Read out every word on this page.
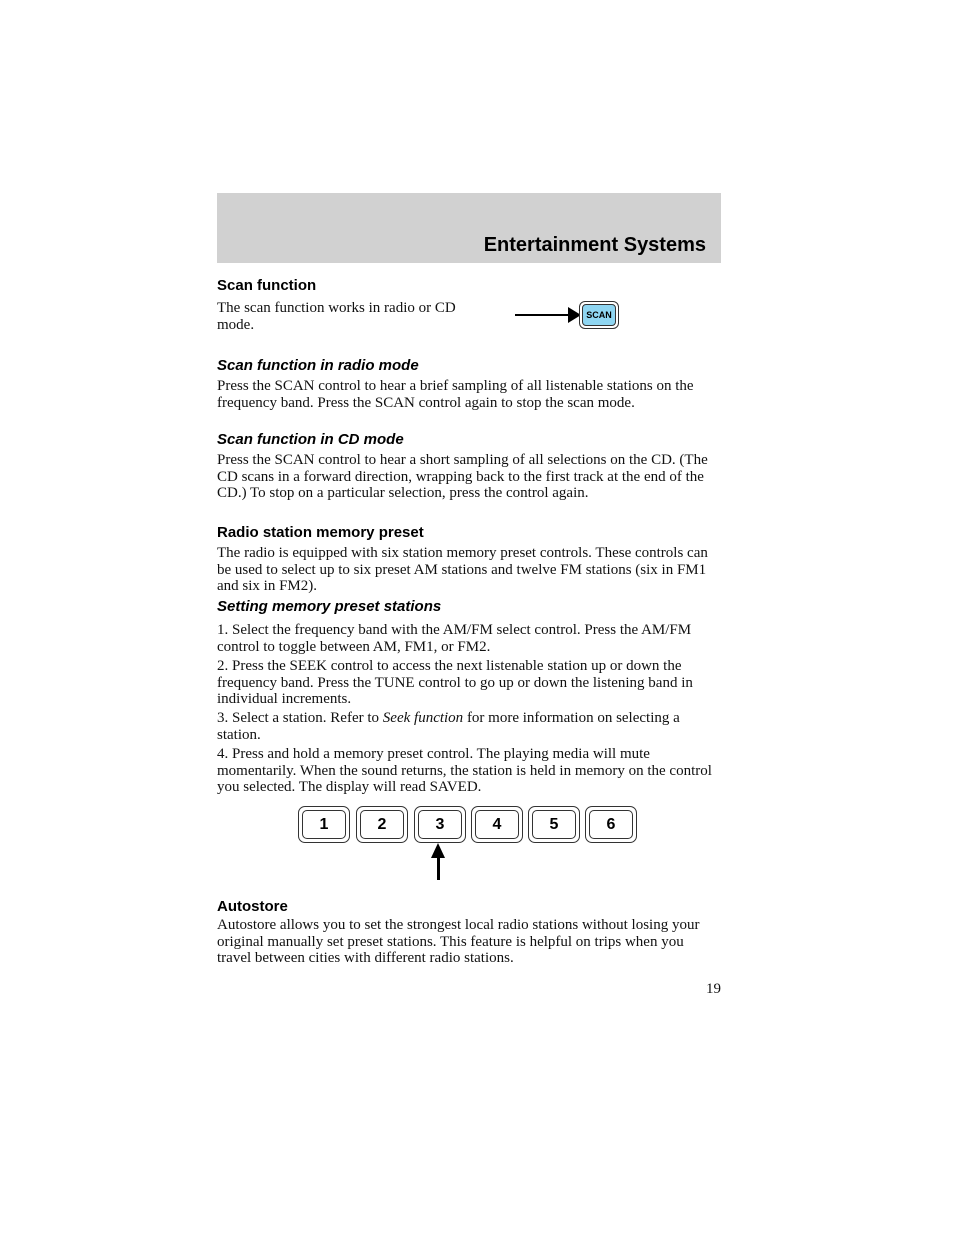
Entertainment Systems
Scan function
The scan function works in radio or CD mode.
SCAN
Scan function in radio mode
Press the SCAN control to hear a brief sampling of all listenable stations on the frequency band. Press the SCAN control again to stop the scan mode.
Scan function in CD mode
Press the SCAN control to hear a short sampling of all selections on the CD. (The CD scans in a forward direction, wrapping back to the first track at the end of the CD.) To stop on a particular selection, press the control again.
Radio station memory preset
The radio is equipped with six station memory preset controls. These controls can be used to select up to six preset AM stations and twelve FM stations (six in FM1 and six in FM2).
Setting memory preset stations
1. Select the frequency band with the AM/FM select control. Press the AM/FM control to toggle between AM, FM1, or FM2.
2. Press the SEEK control to access the next listenable station up or down the frequency band. Press the TUNE control to go up or down the listening band in individual increments.
3. Select a station. Refer to Seek function for more information on selecting a station.
4. Press and hold a memory preset control. The playing media will mute momentarily. When the sound returns, the station is held in memory on the control you selected. The display will read SAVED.
1	2	3	4	5	6
Autostore
Autostore allows you to set the strongest local radio stations without losing your original manually set preset stations. This feature is helpful on trips when you travel between cities with different radio stations.
19
